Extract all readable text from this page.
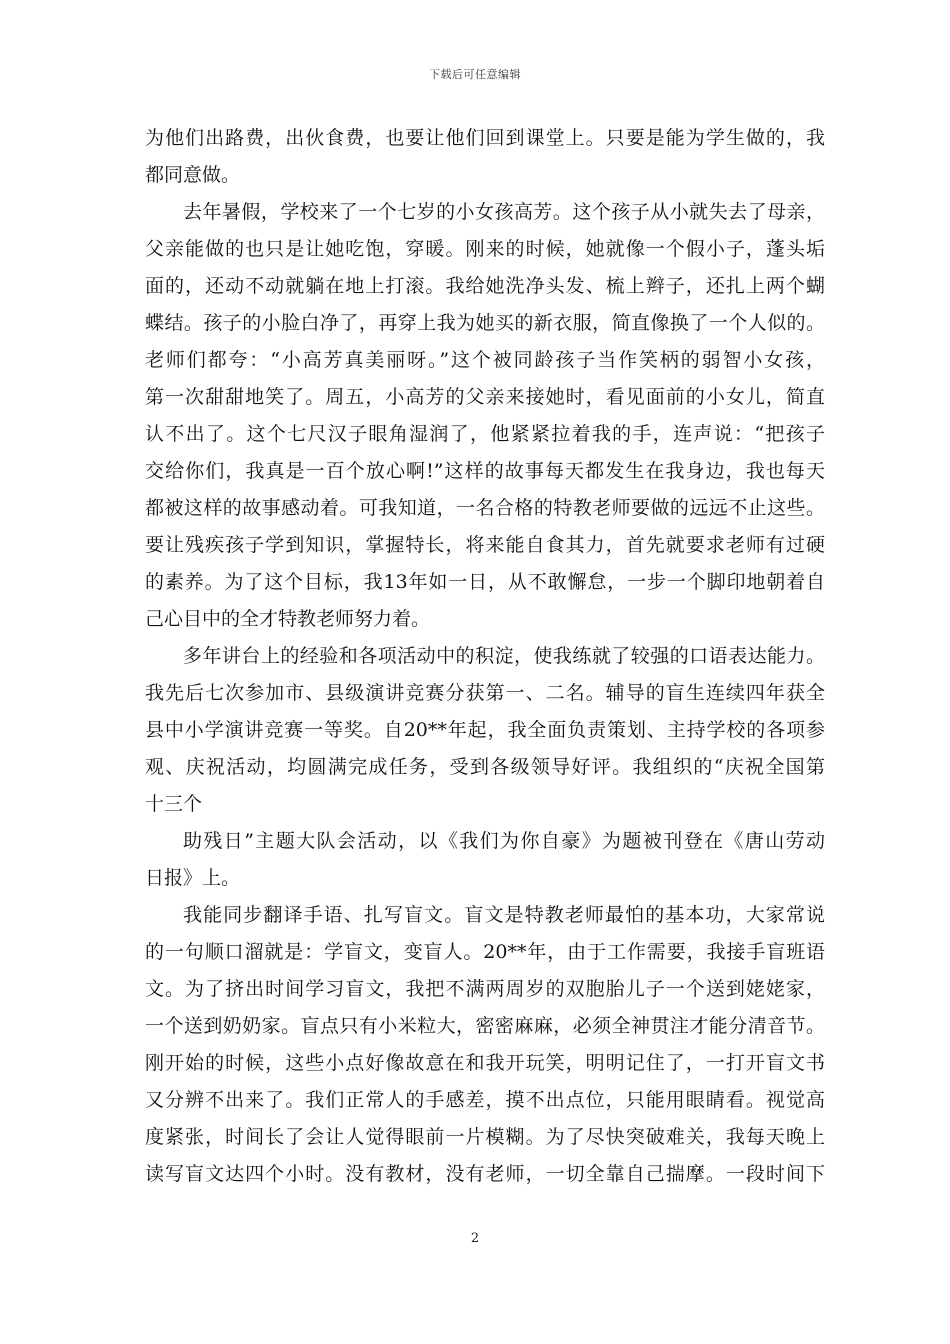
下载后可任意编辑
为他们出路费，出伙食费，也要让他们回到课堂上。只要是能为学生做的，我
都同意做。
去年暑假，学校来了一个七岁的小女孩高芳。这个孩子从小就失去了母亲，
父亲能做的也只是让她吃饱，穿暖。刚来的时候，她就像一个假小子，蓬头垢
面的，还动不动就躺在地上打滚。我给她洗净头发、梳上辫子，还扎上两个蝴
蝶结。孩子的小脸白净了，再穿上我为她买的新衣服，简直像换了一个人似的。
老师们都夸：“小高芳真美丽呀。”这个被同龄孩子当作笑柄的弱智小女孩，
第一次甜甜地笑了。周五，小高芳的父亲来接她时，看见面前的小女儿，简直
认不出了。这个七尺汉子眼角湿润了，他紧紧拉着我的手，连声说：“把孩子
交给你们，我真是一百个放心啊!”这样的故事每天都发生在我身边，我也每天
都被这样的故事感动着。可我知道，一名合格的特教老师要做的远远不止这些。
要让残疾孩子学到知识，掌握特长，将来能自食其力，首先就要求老师有过硬
的素养。为了这个目标，我13年如一日，从不敢懈怠，一步一个脚印地朝着自
己心目中的全才特教老师努力着。
多年讲台上的经验和各项活动中的积淀，使我练就了较强的口语表达能力。
我先后七次参加市、县级演讲竞赛分获第一、二名。辅导的盲生连续四年获全
县中小学演讲竞赛一等奖。自20**年起，我全面负责策划、主持学校的各项参
观、庆祝活动，均圆满完成任务，受到各级领导好评。我组织的“庆祝全国第
十三个
助残日”主题大队会活动，以《我们为你自豪》为题被刊登在《唐山劳动
日报》上。
我能同步翻译手语、扎写盲文。盲文是特教老师最怕的基本功，大家常说
的一句顺口溜就是：学盲文，变盲人。20**年，由于工作需要，我接手盲班语
文。为了挤出时间学习盲文，我把不满两周岁的双胞胎儿子一个送到姥姥家，
一个送到奶奶家。盲点只有小米粒大，密密麻麻，必须全神贯注才能分清音节。
刚开始的时候，这些小点好像故意在和我开玩笑，明明记住了，一打开盲文书
又分辨不出来了。我们正常人的手感差，摸不出点位，只能用眼睛看。视觉高
度紧张，时间长了会让人觉得眼前一片模糊。为了尽快突破难关，我每天晚上
读写盲文达四个小时。没有教材，没有老师，一切全靠自己揣摩。一段时间下
2
